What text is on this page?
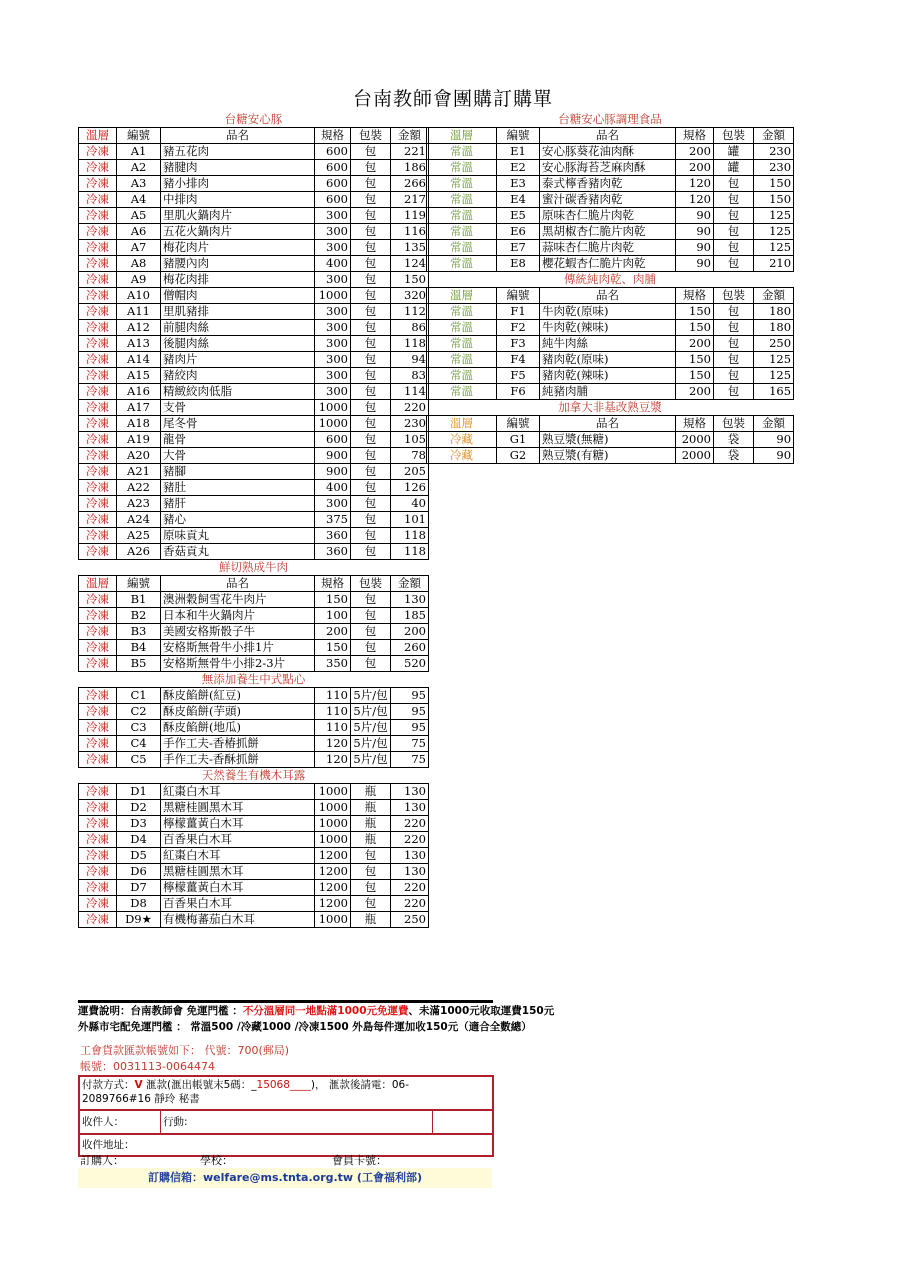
台南教師會團購訂購單
台糖安心豚					
溫層	編號	品名	規格	包裝	金額
冷凍	A1	豬五花肉	600	包	221
冷凍	A2	豬腱肉	600	包	186
冷凍	A3	豬小排肉	600	包	266
冷凍	A4	中排肉	600	包	217
冷凍	A5	里肌火鍋肉片	300	包	119
冷凍	A6	五花火鍋肉片	300	包	116
冷凍	A7	梅花肉片	300	包	135
冷凍	A8	豬腰內肉	400	包	124
冷凍	A9	梅花肉排	300	包	150
冷凍	A10	僧帽肉	1000	包	320
冷凍	A11	里肌豬排	300	包	112
冷凍	A12	前腿肉絲	300	包	86
冷凍	A13	後腿肉絲	300	包	118
冷凍	A14	豬肉片	300	包	94
冷凍	A15	豬絞肉	300	包	83
冷凍	A16	精緻絞肉低脂	300	包	114
冷凍	A17	支骨	1000	包	220
冷凍	A18	尾冬骨	1000	包	230
冷凍	A19	龍骨	600	包	105
冷凍	A20	大骨	900	包	78
冷凍	A21	豬腳	900	包	205
冷凍	A22	豬肚	400	包	126
冷凍	A23	豬肝	300	包	40
冷凍	A24	豬心	375	包	101
冷凍	A25	原味貢丸	360	包	118
冷凍	A26	香菇貢丸	360	包	118
鮮切熟成牛肉					
溫層	編號	品名	規格	包裝	金額
冷凍	B1	澳洲穀飼雪花牛肉片	150	包	130
冷凍	B2	日本和牛火鍋肉片	100	包	185
冷凍	B3	美國安格斯骰子牛	200	包	200
冷凍	B4	安格斯無骨牛小排1片	150	包	260
冷凍	B5	安格斯無骨牛小排2-3片	350	包	520
無添加養生中式點心					
冷凍	C1	酥皮餡餅(紅豆)	110	5片/包	95
冷凍	C2	酥皮餡餅(芋頭)	110	5片/包	95
冷凍	C3	酥皮餡餅(地瓜)	110	5片/包	95
冷凍	C4	手作工夫-香椿抓餅	120	5片/包	75
冷凍	C5	手作工夫-香酥抓餅	120	5片/包	75
天然養生有機木耳露					
冷凍	D1	紅棗白木耳	1000	瓶	130
冷凍	D2	黑糖桂圓黑木耳	1000	瓶	130
冷凍	D3	檸檬薑黃白木耳	1000	瓶	220
冷凍	D4	百香果白木耳	1000	瓶	220
冷凍	D5	紅棗白木耳	1200	包	130
冷凍	D6	黑糖桂圓黑木耳	1200	包	130
冷凍	D7	檸檬薑黃白木耳	1200	包	220
冷凍	D8	百香果白木耳	1200	包	220
冷凍	D9★	有機梅蕃茄白木耳	1000	瓶	250
台糖安心豚調理食品					
溫層	編號	品名	規格	包裝	金額
常溫	E1	安心豚葵花油肉酥	200	罐	230
常溫	E2	安心豚海苔芝麻肉酥	200	罐	230
常溫	E3	泰式檸香豬肉乾	120	包	150
常溫	E4	蜜汁碳香豬肉乾	120	包	150
常溫	E5	原味杏仁脆片肉乾	90	包	125
常溫	E6	黑胡椒杏仁脆片肉乾	90	包	125
常溫	E7	蒜味杏仁脆片肉乾	90	包	125
常溫	E8	櫻花蝦杏仁脆片肉乾	90	包	210
傳統純肉乾、肉脯					
溫層	編號	品名	規格	包裝	金額
常溫	F1	牛肉乾(原味)	150	包	180
常溫	F2	牛肉乾(辣味)	150	包	180
常溫	F3	純牛肉絲	200	包	250
常溫	F4	豬肉乾(原味)	150	包	125
常溫	F5	豬肉乾(辣味)	150	包	125
常溫	F6	純豬肉脯	200	包	165
加拿大非基改熟豆漿					
溫層	編號	品名	規格	包裝	金額
冷藏	G1	熟豆漿(無糖)	2000	袋	90
冷藏	G2	熟豆漿(有糖)	2000	袋	90
運費說明：台南教師會 免運門檻 ：不分溫層同一地點滿1000元免運費、未滿1000元收取運費150元
外縣市宅配免運門檻 ： 常溫500 /冷藏1000 /冷凍1500 外島每件運加收150元（適合全數總）
工會貨款匯款帳號如下： 代號：700(郵局)
帳號：0031113-0064474
付款方式：V 滙款(滙出帳號末5碼：_15068____)， 滙款後請電：06-
2089766#16 靜玲 秘書
收件人：	行動:
收件地址：
訂購人：	學校：	會員卡號：
訂購信箱：welfare@ms.tnta.org.tw (工會福利部)
